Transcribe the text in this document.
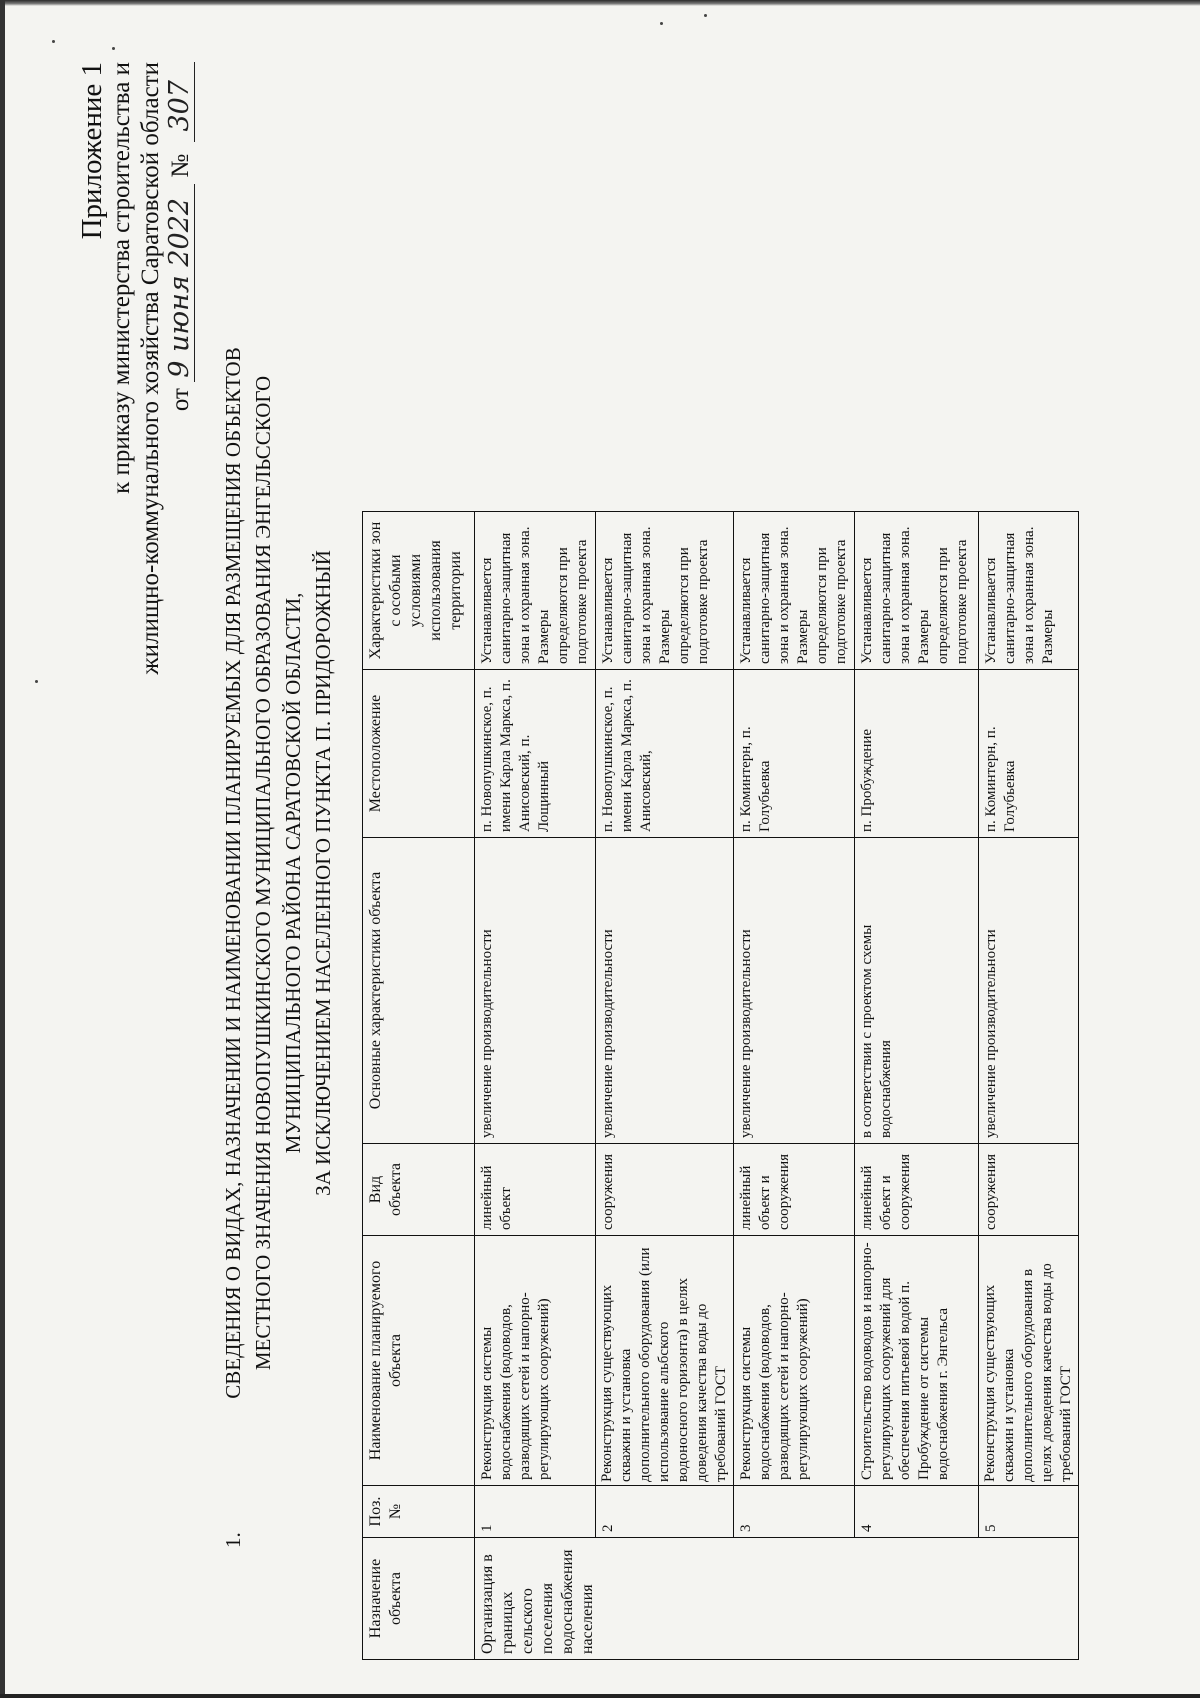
Приложение 1 к приказу министерства строительства и жилищно-коммунального хозяйства Саратовской области от 9 июня 2022 № 307
1.
СВЕДЕНИЯ О ВИДАХ, НАЗНАЧЕНИИ И НАИМЕНОВАНИИ ПЛАНИРУЕМЫХ ДЛЯ РАЗМЕЩЕНИЯ ОБЪЕКТОВ МЕСТНОГО ЗНАЧЕНИЯ НОВОПУШКИНСКОГО МУНИЦИПАЛЬНОГО ОБРАЗОВАНИЯ ЭНГЕЛЬССКОГО МУНИЦИПАЛЬНОГО РАЙОНА САРАТОВСКОЙ ОБЛАСТИ, ЗА ИСКЛЮЧЕНИЕМ НАСЕЛЕННОГО ПУНКТА П. ПРИДОРОЖНЫЙ
Назначение объекта	Поз. №	Наименование планируемого объекта	Вид объекта	Основные характеристики объекта	Местоположение	Характеристики зон с особыми условиями использования территории
Организация в границах сельского поселения водоснабжения населения	1	Реконструкция системы водоснабжения (водоводов, разводящих сетей и напорно-регулирующих сооружений)	линейный объект	увеличение производительности	п. Новопушкинское, п. имени Карла Маркса, п. Анисовский, п. Лощинный	Устанавливается санитарно-защитная зона и охранная зона. Размеры определяются при подготовке проекта
	2	Реконструкция существующих скважин и установка дополнительного оборудования (или использование альбского водоносного горизонта) в целях доведения качества воды до требований ГОСТ	сооружения	увеличение производительности	п. Новопушкинское, п. имени Карла Маркса, п. Анисовский,	Устанавливается санитарно-защитная зона и охранная зона. Размеры определяются при подготовке проекта
	3	Реконструкция системы водоснабжения (водоводов, разводящих сетей и напорно-регулирующих сооружений)	линейный объект и сооружения	увеличение производительности	п. Коминтерн, п. Голубьевка	Устанавливается санитарно-защитная зона и охранная зона. Размеры определяются при подготовке проекта
	4	Строительство водоводов и напорно-регулирующих сооружений для обеспечения питьевой водой п. Пробуждение от системы водоснабжения г. Энгельса	линейный объект и сооружения	в соответствии с проектом схемы водоснабжения	п. Пробуждение	Устанавливается санитарно-защитная зона и охранная зона. Размеры определяются при подготовке проекта
	5	Реконструкция существующих скважин и установка дополнительного оборудования в целях доведения качества воды до требований ГОСТ	сооружения	увеличение производительности	п. Коминтерн, п. Голубьевка	Устанавливается санитарно-защитная зона и охранная зона. Размеры
